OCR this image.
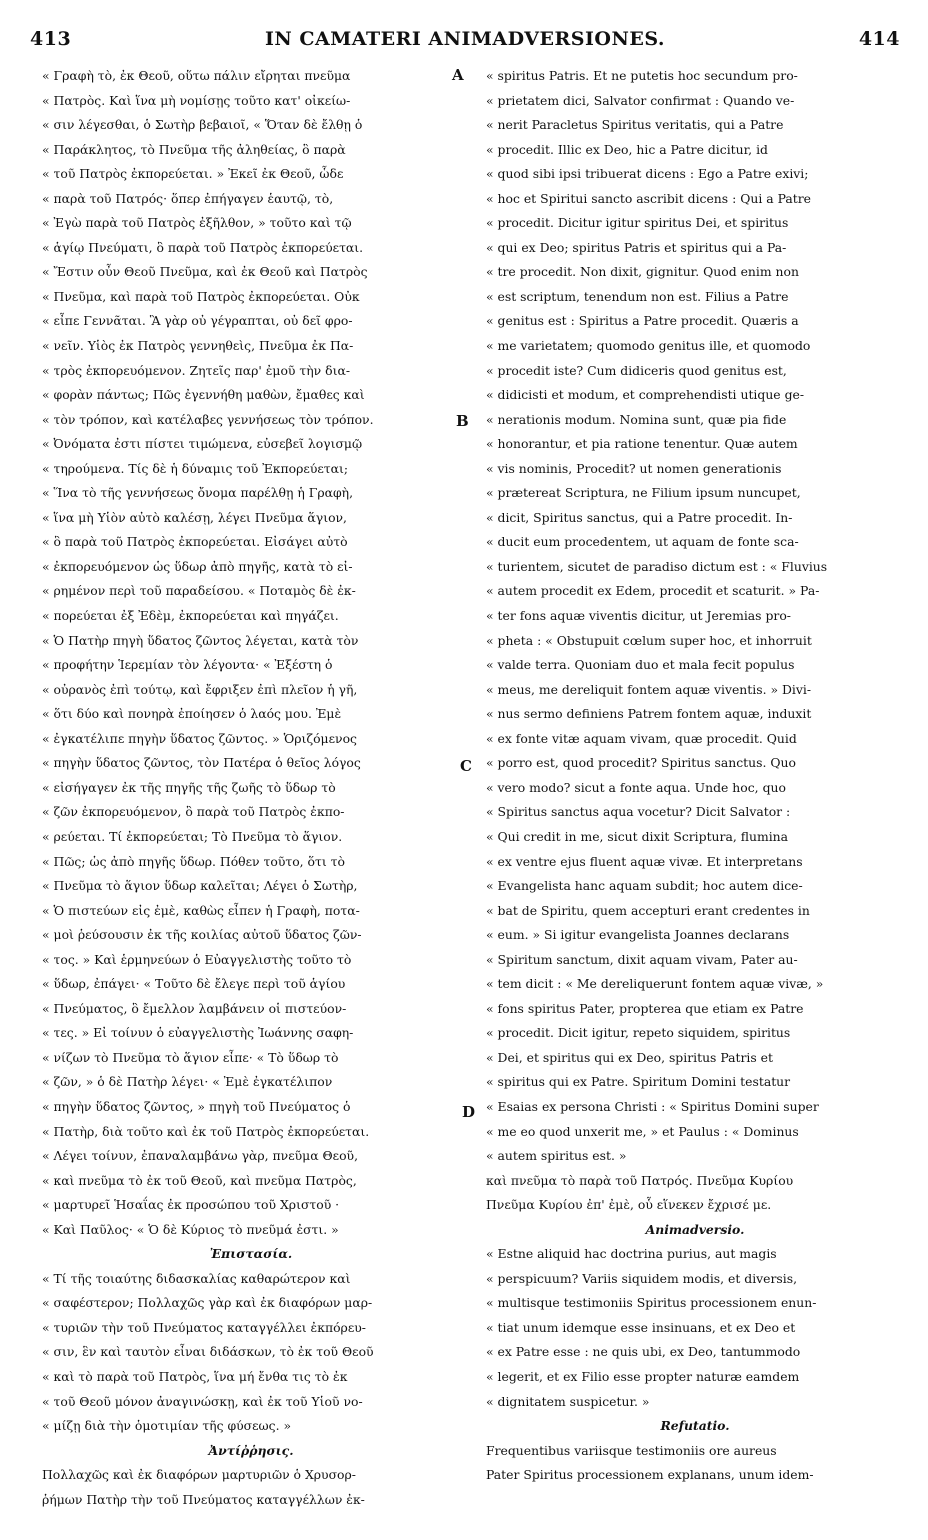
413	IN CAMATERI ANIMADVERSIONES.	414
A
B
C
D
« Γραφὴ τὸ, ἐκ Θεοῦ, οὕτω πάλιν εἴρηται πνεῦμα
« Πατρὸς. Καὶ ἵνα μὴ νομίσῃς τοῦτο κατ' οἰκείω-
« σιν λέγεσθαι, ὁ Σωτὴρ βεβαιοῖ, « Ὅταν δὲ ἔλθῃ ὁ
« Παράκλητος, τὸ Πνεῦμα τῆς ἀληθείας, ὃ παρὰ
« τοῦ Πατρὸς ἐκπορεύεται. » Ἐκεῖ ἐκ Θεοῦ, ὧδε
« παρὰ τοῦ Πατρός· ὅπερ ἐπήγαγεν ἑαυτῷ, τὸ,
« Ἐγὼ παρὰ τοῦ Πατρὸς ἐξῆλθον, » τοῦτο καὶ τῷ
« ἁγίῳ Πνεύματι, ὃ παρὰ τοῦ Πατρὸς ἐκπορεύεται.
« Ἔστιν οὖν Θεοῦ Πνεῦμα, καὶ ἐκ Θεοῦ καὶ Πατρὸς
« Πνεῦμα, καὶ παρὰ τοῦ Πατρὸς ἐκπορεύεται. Οὐκ
« εἶπε Γεννᾶται. Ἃ γὰρ οὐ γέγραπται, οὐ δεῖ φρο-
« νεῖν. Υἱὸς ἐκ Πατρὸς γεννηθεὶς, Πνεῦμα ἐκ Πα-
« τρὸς ἐκπορευόμενον. Ζητεῖς παρ' ἐμοῦ τὴν δια-
« φορὰν πάντως; Πῶς ἐγεννήθη μαθὼν, ἔμαθες καὶ
« τὸν τρόπον, καὶ κατέλαβες γεννήσεως τὸν τρόπον.
« Ὀνόματα ἐστι πίστει τιμώμενα, εὐσεβεῖ λογισμῷ
« τηρούμενα. Τίς δὲ ἡ δύναμις τοῦ Ἐκπορεύεται;
« Ἵνα τὸ τῆς γεννήσεως ὄνομα παρέλθῃ ἡ Γραφὴ,
« ἵνα μὴ Υἱὸν αὐτὸ καλέσῃ, λέγει Πνεῦμα ἅγιον,
« ὃ παρὰ τοῦ Πατρὸς ἐκπορεύεται. Εἰσάγει αὐτὸ
« ἐκπορευόμενον ὡς ὕδωρ ἀπὸ πηγῆς, κατὰ τὸ εἰ-
« ρημένον περὶ τοῦ παραδείσου. « Ποταμὸς δὲ ἐκ-
« πορεύεται ἐξ Ἐδὲμ, ἐκπορεύεται καὶ πηγάζει.
« Ὁ Πατὴρ πηγὴ ὕδατος ζῶντος λέγεται, κατὰ τὸν
« προφήτην Ἱερεμίαν τὸν λέγοντα· « Ἐξέστη ὁ
« οὐρανὸς ἐπὶ τούτῳ, καὶ ἔφριξεν ἐπὶ πλεῖον ἡ γῆ,
« ὅτι δύο καὶ πονηρὰ ἐποίησεν ὁ λαός μου. Ἐμὲ
« ἐγκατέλιπε πηγὴν ὕδατος ζῶντος. » Ὁριζόμενος
« πηγὴν ὕδατος ζῶντος, τὸν Πατέρα ὁ θεῖος λόγος
« εἰσήγαγεν ἐκ τῆς πηγῆς τῆς ζωῆς τὸ ὕδωρ τὸ
« ζῶν ἐκπορευόμενον, ὃ παρὰ τοῦ Πατρὸς ἐκπο-
« ρεύεται. Τί ἐκπορεύεται; Τὸ Πνεῦμα τὸ ἅγιον.
« Πῶς; ὡς ἀπὸ πηγῆς ὕδωρ. Πόθεν τοῦτο, ὅτι τὸ
« Πνεῦμα τὸ ἅγιον ὕδωρ καλεῖται; Λέγει ὁ Σωτὴρ,
« Ὁ πιστεύων εἰς ἐμὲ, καθὼς εἶπεν ἡ Γραφὴ, ποτα-
« μοὶ ῥεύσουσιν ἐκ τῆς κοιλίας αὐτοῦ ὕδατος ζῶν-
« τος. » Καὶ ἑρμηνεύων ὁ Εὐαγγελιστὴς τοῦτο τὸ
« ὕδωρ, ἐπάγει· « Τοῦτο δὲ ἔλεγε περὶ τοῦ ἁγίου
« Πνεύματος, ὃ ἔμελλον λαμβάνειν οἱ πιστεύον-
« τες. » Εἰ τοίνυν ὁ εὐαγγελιστὴς Ἰωάννης σαφη-
« νίζων τὸ Πνεῦμα τὸ ἅγιον εἶπε· « Τὸ ὕδωρ τὸ
« ζῶν, » ὁ δὲ Πατὴρ λέγει· « Ἐμὲ ἐγκατέλιπον
« πηγὴν ὕδατος ζῶντος, » πηγὴ τοῦ Πνεύματος ὁ
« Πατὴρ, διὰ τοῦτο καὶ ἐκ τοῦ Πατρὸς ἐκπορεύεται.
« Λέγει τοίνυν, ἐπαναλαμβάνω γὰρ, πνεῦμα Θεοῦ,
« καὶ πνεῦμα τὸ ἐκ τοῦ Θεοῦ, καὶ πνεῦμα Πατρὸς,
« μαρτυρεῖ Ἡσαΐας ἐκ προσώπου τοῦ Χριστοῦ ·
« Καὶ Παῦλος· « Ὁ δὲ Κύριος τὸ πνεῦμά ἐστι. »
Ἐπιστασία.
« Τί τῆς τοιαύτης διδασκαλίας καθαρώτερον καὶ
« σαφέστερον; Πολλαχῶς γὰρ καὶ ἐκ διαφόρων μαρ-
« τυριῶν τὴν τοῦ Πνεύματος καταγγέλλει ἐκπόρευ-
« σιν, ἓν καὶ ταυτὸν εἶναι διδάσκων, τὸ ἐκ τοῦ Θεοῦ
« καὶ τὸ παρὰ τοῦ Πατρὸς, ἵνα μή ἔνθα τις τὸ ἐκ
« τοῦ Θεοῦ μόνον ἀναγινώσκῃ, καὶ ἐκ τοῦ Υἱοῦ νο-
« μίζῃ διὰ τὴν ὁμοτιμίαν τῆς φύσεως. »
Ἀντίῤῥησις.
Πολλαχῶς καὶ ἐκ διαφόρων μαρτυριῶν ὁ Χρυσορ-
ῥήμων Πατὴρ τὴν τοῦ Πνεύματος καταγγέλλων ἐκ-
« spiritus Patris. Et ne putetis hoc secundum pro-
« prietatem dici, Salvator confirmat : Quando ve-
« nerit Paracletus Spiritus veritatis, qui a Patre
« procedit. Illic ex Deo, hic a Patre dicitur, id
« quod sibi ipsi tribuerat dicens : Ego a Patre exivi;
« hoc et Spiritui sancto ascribit dicens : Qui a Patre
« procedit. Dicitur igitur spiritus Dei, et spiritus
« qui ex Deo; spiritus Patris et spiritus qui a Pa-
« tre procedit. Non dixit, gignitur. Quod enim non
« est scriptum, tenendum non est. Filius a Patre
« genitus est : Spiritus a Patre procedit. Quæris a
« me varietatem; quomodo genitus ille, et quomodo
« procedit iste? Cum didiceris quod genitus est,
« didicisti et modum, et comprehendisti utique ge-
« nerationis modum. Nomina sunt, quæ pia fide
« honorantur, et pia ratione tenentur. Quæ autem
« vis nominis, Procedit? ut nomen generationis
« prætereat Scriptura, ne Filium ipsum nuncupet,
« dicit, Spiritus sanctus, qui a Patre procedit. In-
« ducit eum procedentem, ut aquam de fonte sca-
« turientem, sicutet de paradiso dictum est : « Fluvius
« autem procedit ex Edem, procedit et scaturit. » Pa-
« ter fons aquæ viventis dicitur, ut Jeremias pro-
« pheta : « Obstupuit cœlum super hoc, et inhorruit
« valde terra. Quoniam duo et mala fecit populus
« meus, me dereliquit fontem aquæ viventis. » Divi-
« nus sermo definiens Patrem fontem aquæ, induxit
« ex fonte vitæ aquam vivam, quæ procedit. Quid
« porro est, quod procedit? Spiritus sanctus. Quo
« vero modo? sicut a fonte aqua. Unde hoc, quo
« Spiritus sanctus aqua vocetur? Dicit Salvator :
« Qui credit in me, sicut dixit Scriptura, flumina
« ex ventre ejus fluent aquæ vivæ. Et interpretans
« Evangelista hanc aquam subdit; hoc autem dice-
« bat de Spiritu, quem accepturi erant credentes in
« eum. » Si igitur evangelista Joannes declarans
« Spiritum sanctum, dixit aquam vivam, Pater au-
« tem dicit : « Me dereliquerunt fontem aquæ vivæ, »
« fons spiritus Pater, propterea que etiam ex Patre
« procedit. Dicit igitur, repeto siquidem, spiritus
« Dei, et spiritus qui ex Deo, spiritus Patris et
« spiritus qui ex Patre. Spiritum Domini testatur
« Esaias ex persona Christi : « Spiritus Domini super
« me eo quod unxerit me, » et Paulus : « Dominus
« autem spiritus est. »
καὶ πνεῦμα τὸ παρὰ τοῦ Πατρός. Πνεῦμα Κυρίου
Πνεῦμα Κυρίου ἐπ' ἐμὲ, οὗ εἵνεκεν ἔχρισέ με.
Animadversio.
« Estne aliquid hac doctrina purius, aut magis
« perspicuum? Variis siquidem modis, et diversis,
« multisque testimoniis Spiritus processionem enun-
« tiat unum idemque esse insinuans, et ex Deo et
« ex Patre esse : ne quis ubi, ex Deo, tantummodo
« legerit, et ex Filio esse propter naturæ eamdem
« dignitatem suspicetur. »
Refutatio.
Frequentibus variisque testimoniis ore aureus
Pater Spiritus processionem explanans, unum idem-
